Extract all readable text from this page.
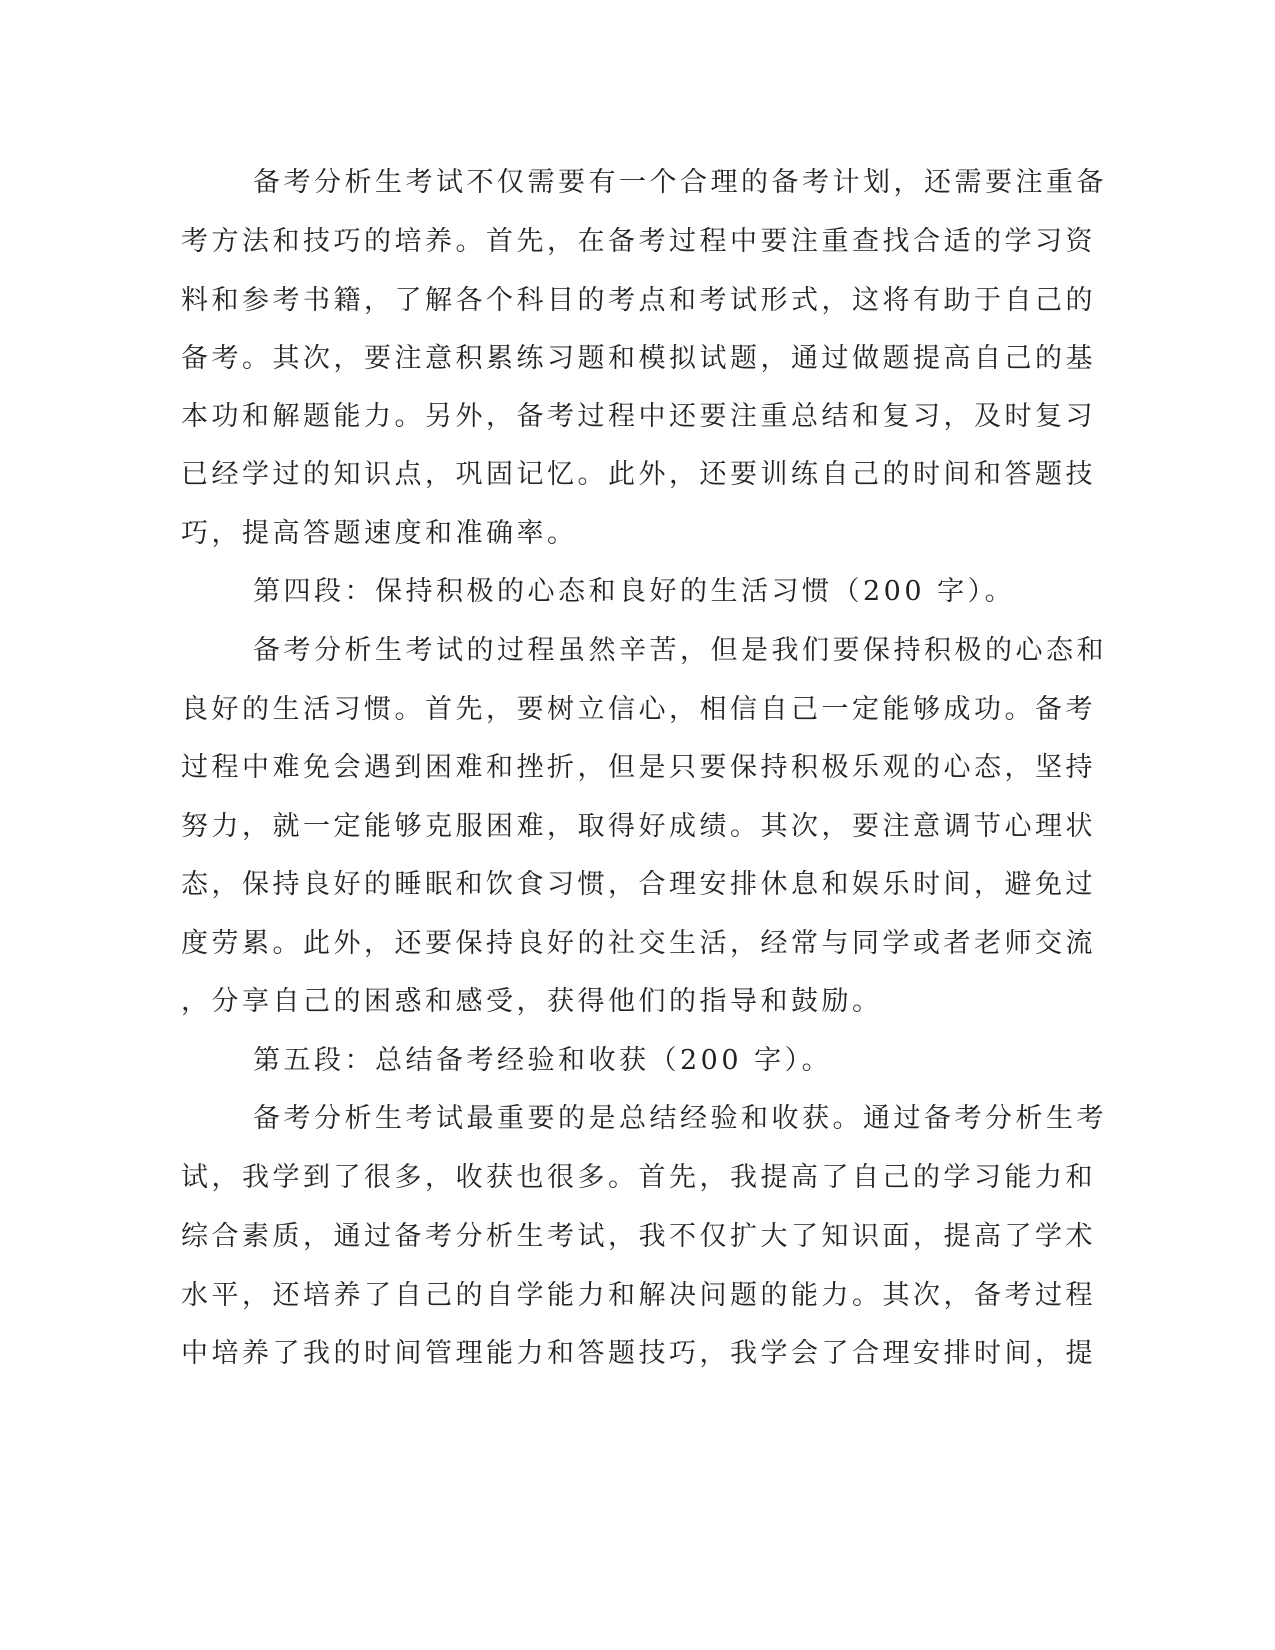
备考分析生考试不仅需要有一个合理的备考计划，还需要注重备
考方法和技巧的培养。首先，在备考过程中要注重查找合适的学习资
料和参考书籍，了解各个科目的考点和考试形式，这将有助于自己的
备考。其次，要注意积累练习题和模拟试题，通过做题提高自己的基
本功和解题能力。另外，备考过程中还要注重总结和复习，及时复习
已经学过的知识点，巩固记忆。此外，还要训练自己的时间和答题技
巧，提高答题速度和准确率。
第四段：保持积极的心态和良好的生活习惯（200 字）。
备考分析生考试的过程虽然辛苦，但是我们要保持积极的心态和
良好的生活习惯。首先，要树立信心，相信自己一定能够成功。备考
过程中难免会遇到困难和挫折，但是只要保持积极乐观的心态，坚持
努力，就一定能够克服困难，取得好成绩。其次，要注意调节心理状
态，保持良好的睡眠和饮食习惯，合理安排休息和娱乐时间，避免过
度劳累。此外，还要保持良好的社交生活，经常与同学或者老师交流
，分享自己的困惑和感受，获得他们的指导和鼓励。
第五段：总结备考经验和收获（200 字）。
备考分析生考试最重要的是总结经验和收获。通过备考分析生考
试，我学到了很多，收获也很多。首先，我提高了自己的学习能力和
综合素质，通过备考分析生考试，我不仅扩大了知识面，提高了学术
水平，还培养了自己的自学能力和解决问题的能力。其次，备考过程
中培养了我的时间管理能力和答题技巧，我学会了合理安排时间，提
